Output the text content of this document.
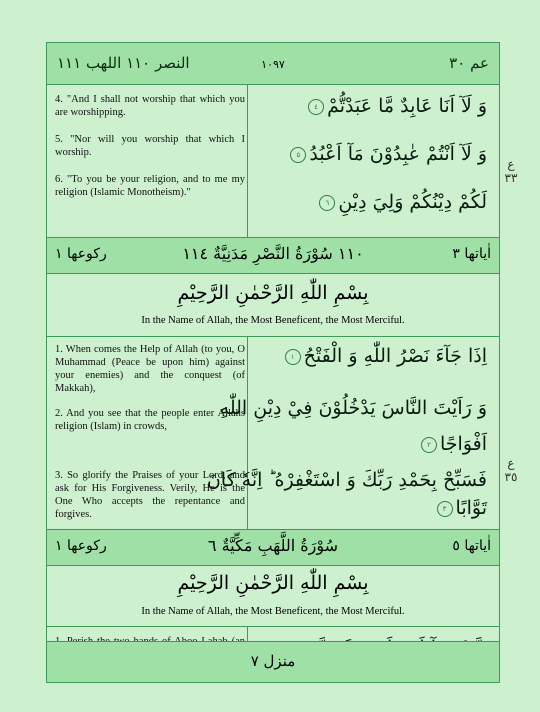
عم ٣٠
١٠٩٧
النصر ١١٠ اللهب ١١١
4. "And I shall not worship that which you are worshipping.
5. "Nor will you worship that which I worship.
6. "To you be your religion, and to me my religion (Islamic Monotheism)."
وَ لَآ اَنَا عَابِدٌ مَّا عَبَدْتُّمْ٤
وَ لَآ اَنْتُمْ عٰبِدُوْنَ مَآ اَعْبُدُ٥
لَكُمْ دِيْنُكُمْ وَلِيَ دِيْنِ٦
اٰياتها ٣
١١٠ سُوْرَةُ النَّصْرِ مَدَنِيَّةٌ ١١٤
ركوعها ١
بِسْمِ اللّٰهِ الرَّحْمٰنِ الرَّحِيْمِ
In the Name of Allah, the Most Beneficent, the Most Merciful.
1. When comes the Help of Allah (to you, O Muhammad (Peace be upon him) against your enemies) and the conquest (of Makkah),
2. And you see that the people enter Allahs religion (Islam) in crowds,
3. So glorify the Praises of your Lord, and ask for His Forgiveness. Verily, He is the One Who accepts the repentance and forgives.
اِذَا جَآءَ نَصْرُ اللّٰهِ وَ الْفَتْحُ١
وَ رَاَيْتَ النَّاسَ يَدْخُلُوْنَ فِيْ دِيْنِ اللّٰهِ
اَفْوَاجًا٢
فَسَبِّحْ بِحَمْدِ رَبِّكَ وَ اسْتَغْفِرْهُ ؕ اِنَّهٗ كَانَ
تَوَّابًا٣
اٰياتها ٥
سُوْرَةُ اللَّهَبِ مَكِّيَّةٌ ٦
ركوعها ١
بِسْمِ اللّٰهِ الرَّحْمٰنِ الرَّحِيْمِ
In the Name of Allah, the Most Beneficent, the Most Merciful.
منزل ٧
ع ٣٣
ع ٣٥
